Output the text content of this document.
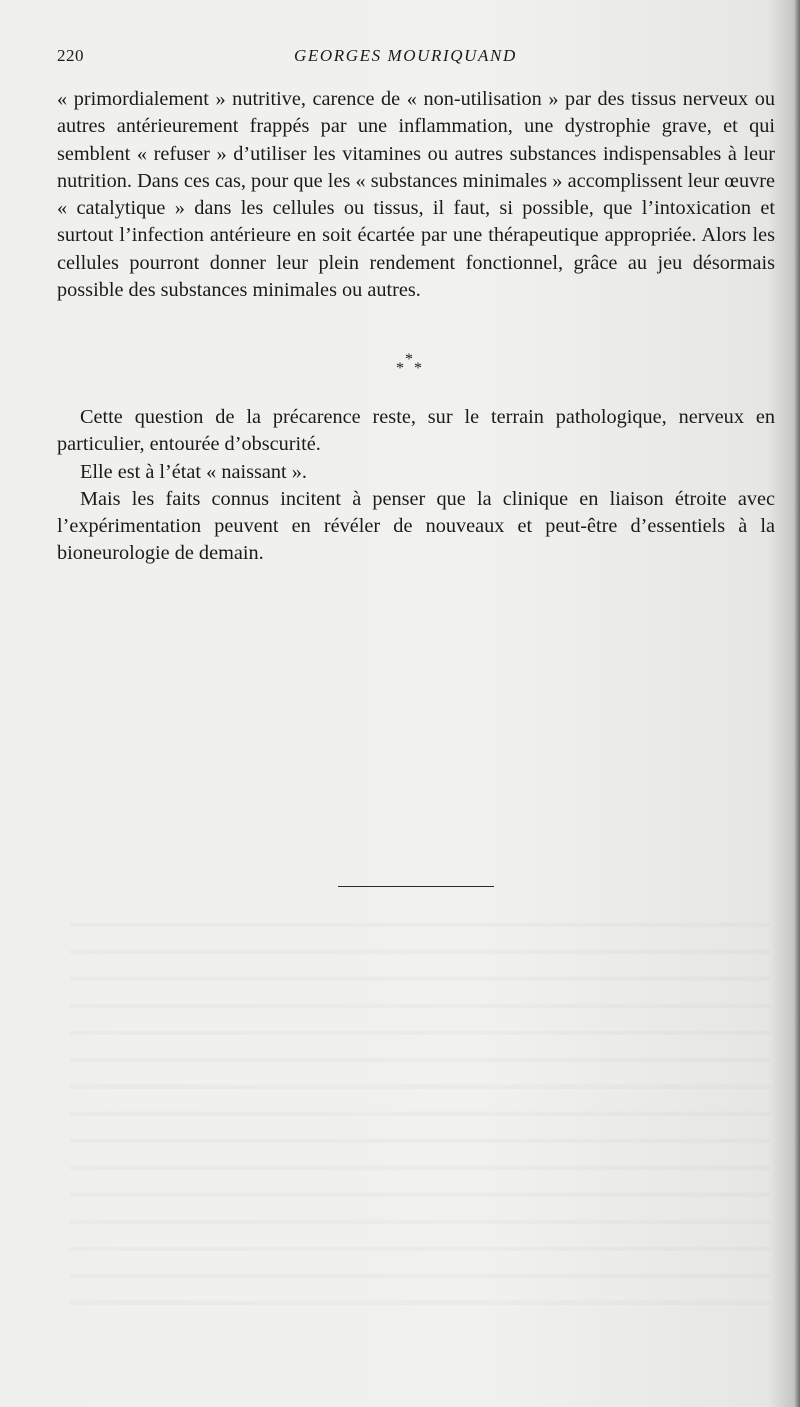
220	GEORGES MOURIQUAND

« primordialement » nutritive, carence de « non-utilisation » par des tissus nerveux ou autres antérieurement frappés par une inflammation, une dystrophie grave, et qui semblent « refuser » d’utiliser les vitamines ou autres substances indispensables à leur nutrition. Dans ces cas, pour que les « substances minimales » accomplissent leur œuvre « catalytique » dans les cellules ou tissus, il faut, si possible, que l’intoxication et surtout l’infection antérieure en soit écartée par une thérapeutique appropriée. Alors les cellules pourront donner leur plein rendement fonctionnel, grâce au jeu désormais possible des substances minimales ou autres.

*
* *

Cette question de la précarence reste, sur le terrain pathologique, nerveux en particulier, entourée d’obscurité.

Elle est à l’état « naissant ».

Mais les faits connus incitent à penser que la clinique en liaison étroite avec l’expérimentation peuvent en révéler de nouveaux et peut-être d’essentiels à la bioneurologie de demain.
